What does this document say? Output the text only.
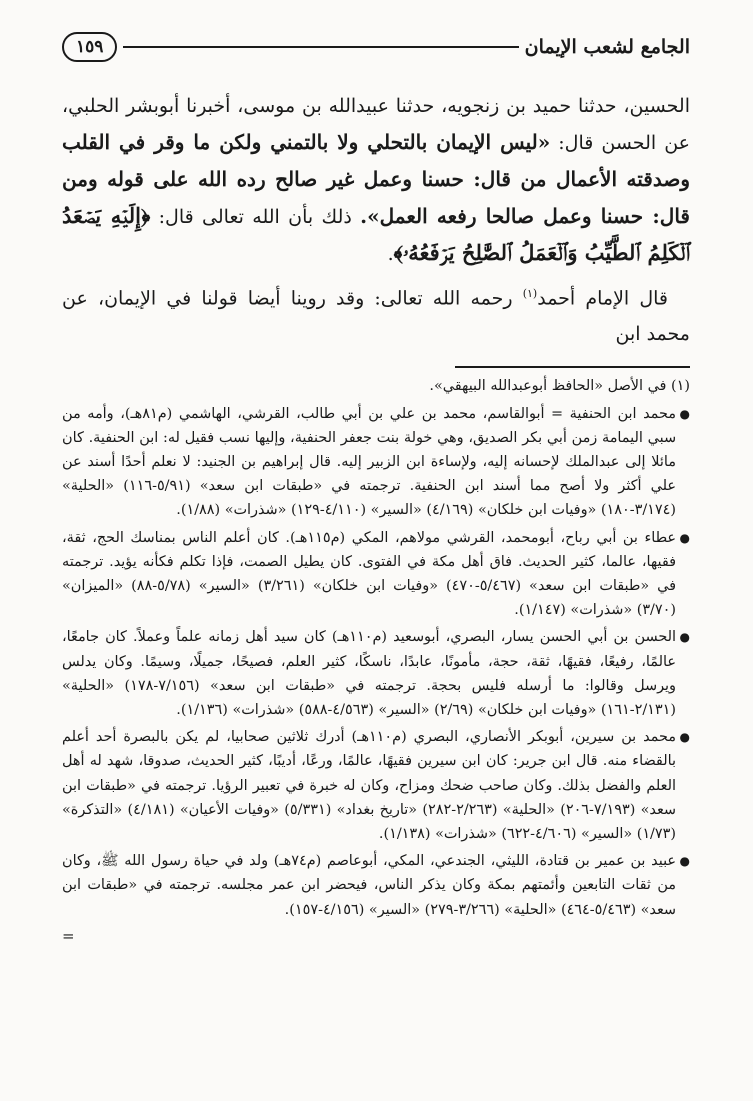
الجامع لشعب الإيمان
١٥٩

الحسين، حدثنا حميد بن زنجويه، حدثنا عبيدالله بن موسى، أخبرنا أبوبشر الحلبي، عن الحسن قال: «ليس الإيمان بالتحلي ولا بالتمني ولكن ما وقر في القلب وصدقته الأعمال من قال: حسنا وعمل غير صالح رده الله على قوله ومن قال: حسنا وعمل صالحا رفعه العمل». ذلك بأن الله تعالى قال: ﴿إِلَيۡهِ يَصۡعَدُ ٱلۡكَلِمُ ٱلطَّيِّبُ وَٱلۡعَمَلُ ٱلصَّٰلِحُ يَرۡفَعُهُۥ﴾.

قال الإمام أحمد$^{(١)}$ رحمه الله تعالى: وقد روينا أيضا قولنا في الإيمان، عن محمد ابن

(١) في الأصل «الحافظ أبوعبدالله البيهقي».

●

محمد ابن الحنفية = أبوالقاسم، محمد بن علي بن أبي طالب، القرشي، الهاشمي (م٨١هـ)، وأمه من سبي اليمامة زمن أبي بكر الصديق، وهي خولة بنت جعفر الحنفية، وإليها نسب فقيل له: ابن الحنفية. كان مائلا إلى عبدالملك لإحسانه إليه، ولإساءة ابن الزبير إليه. قال إبراهيم بن الجنيد: لا نعلم أحدًا أسند عن علي أكثر ولا أصح مما أسند ابن الحنفية. ترجمته في «طبقات ابن سعد» (٥/٩١-١١٦) «الحلية» (٣/١٧٤-١٨٠) «وفيات ابن خلكان» (٤/١٦٩) «السير» (٤/١١٠-١٢٩) «شذرات» (١/٨٨).

●

عطاء بن أبي رباح، أبومحمد، القرشي مولاهم، المكي (م١١٥هـ). كان أعلم الناس بمناسك الحج، ثقة، فقيها، عالما، كثير الحديث. فاق أهل مكة في الفتوى. كان يطيل الصمت، فإذا تكلم فكأنه يؤيد. ترجمته في «طبقات ابن سعد» (٥/٤٦٧-٤٧٠) «وفيات ابن خلكان» (٣/٢٦١) «السير» (٥/٧٨-٨٨) «الميزان» (٣/٧٠) «شذرات» (١/١٤٧).

●

الحسن بن أبي الحسن يسار، البصري، أبوسعيد (م١١٠هـ) كان سيد أهل زمانه علماً وعملاً. كان جامعًا، عالمًا، رفيعًا، فقيهًا، ثقة، حجة، مأمونًا، عابدًا، ناسكًا، كثير العلم، فصيحًا، جميلًا، وسيمًا. وكان يدلس ويرسل وقالوا: ما أرسله فليس بحجة. ترجمته في «طبقات ابن سعد» (٧/١٥٦-١٧٨) «الحلية» (٢/١٣١-١٦١) «وفيات ابن خلكان» (٢/٦٩) «السير» (٤/٥٦٣-٥٨٨) «شذرات» (١/١٣٦).

●

محمد بن سيرين، أبوبكر الأنصاري، البصري (م١١٠هـ) أدرك ثلاثين صحابيا، لم يكن بالبصرة أحد أعلم بالقضاء منه. قال ابن جرير: كان ابن سيرين فقيهًا، عالمًا، ورعًا، أديبًا، كثير الحديث، صدوقا، شهد له أهل العلم والفضل بذلك. وكان صاحب ضحك ومزاح، وكان له خبرة في تعبير الرؤيا. ترجمته في «طبقات ابن سعد» (٧/١٩٣-٢٠٦) «الحلية» (٢/٢٦٣-٢٨٢) «تاريخ بغداد» (٥/٣٣١) «وفيات الأعيان» (٤/١٨١) «التذكرة» (١/٧٣) «السير» (٤/٦٠٦-٦٢٢) «شذرات» (١/١٣٨).

●

عبيد بن عمير بن قتادة، الليثي، الجندعي، المكي، أبوعاصم (م٧٤هـ) ولد في حياة رسول الله ﷺ، وكان من ثقات التابعين وأئمتهم بمكة وكان يذكر الناس، فيحضر ابن عمر مجلسه. ترجمته في «طبقات ابن سعد» (٥/٤٦٣-٤٦٤) «الحلية» (٣/٢٦٦-٢٧٩) «السير» (٤/١٥٦-١٥٧).

=
